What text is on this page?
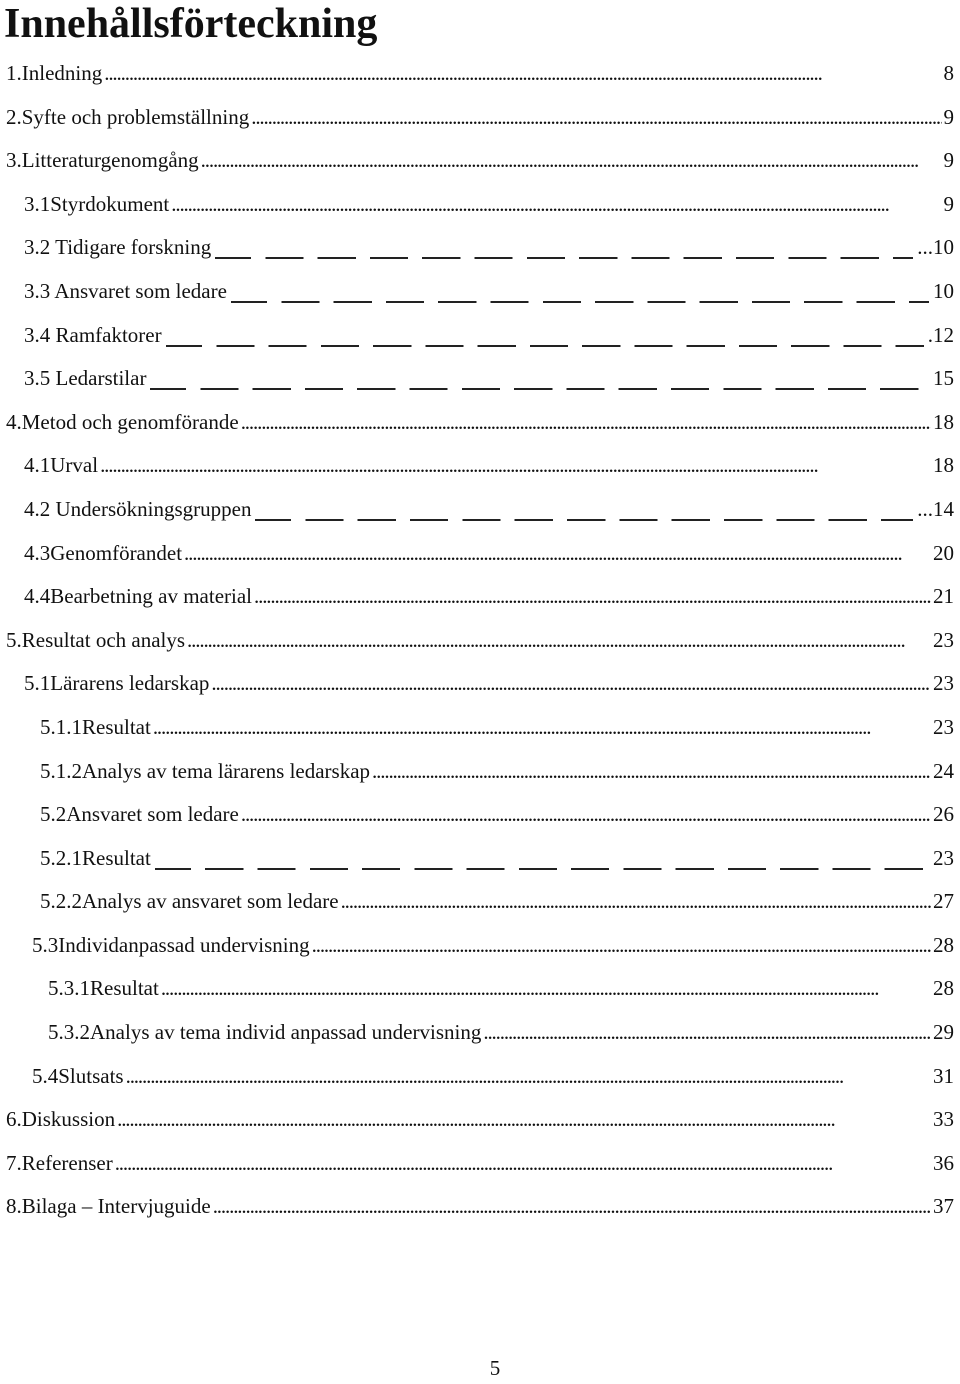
Innehållsförteckning
1.Inledning . . .	8
2.Syfte och problemställning . . .	9
3.Litteraturgenomgång . . .	9
3.1Styrdokument . . .	9
3.2 Tidigare forskning	...10
3.3 Ansvaret som ledare	10
3.4 Ramfaktorer	.12
3.5 Ledarstilar	15
4.Metod och genomförande . . .	18
4.1Urval . . .	18
4.2 Undersökningsgruppen	...14
4.3Genomförandet . . .	20
4.4Bearbetning av material . . .	21
5.Resultat och analys . . .	23
5.1Lärarens ledarskap . . .	23
5.1.1Resultat . . .	23
5.1.2Analys av tema lärarens ledarskap . . .	24
5.2Ansvaret som ledare . . .	26
5.2.1Resultat	23
5.2.2Analys av ansvaret som ledare . . .	27
5.3Individanpassad undervisning . . .	28
5.3.1Resultat . . .	28
5.3.2Analys av tema individ anpassad undervisning . . .	29
5.4Slutsats . . .	31
6.Diskussion . . .	33
7.Referenser . . .	36
8.Bilaga – Intervjuguide . . .	37
5
